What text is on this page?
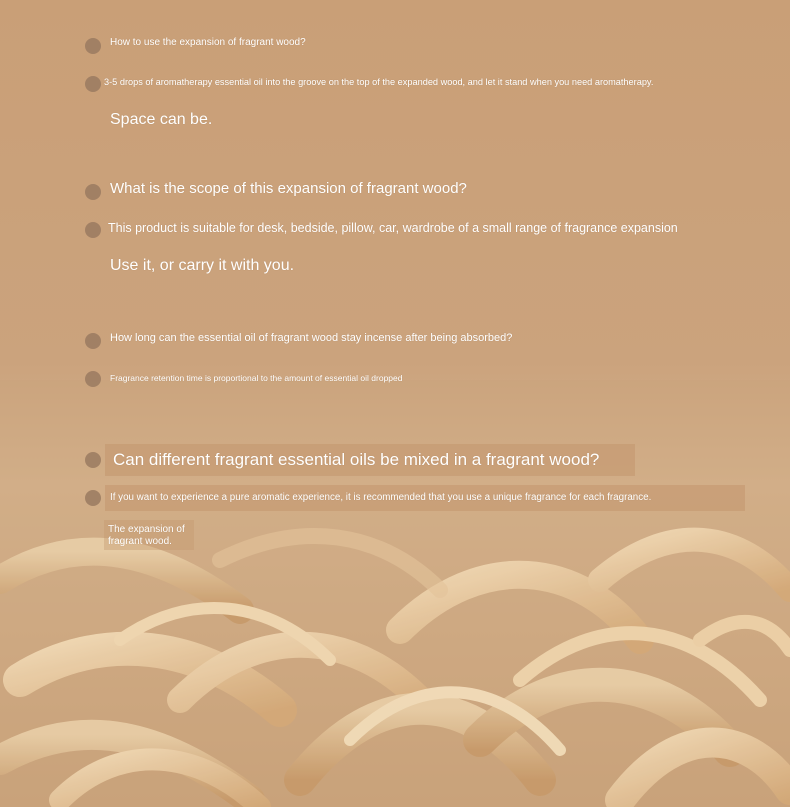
How to use the expansion of fragrant wood?
3-5 drops of aromatherapy essential oil into the groove on the top of the expanded wood, and let it stand when you need aromatherapy.
Space can be.
What is the scope of this expansion of fragrant wood?
This product is suitable for desk, bedside, pillow, car, wardrobe of a small range of fragrance expansion
Use it, or carry it with you.
How long can the essential oil of fragrant wood stay incense after being absorbed?
Fragrance retention time is proportional to the amount of essential oil dropped
Can different fragrant essential oils be mixed in a fragrant wood?
If you want to experience a pure aromatic experience, it is recommended that you use a unique fragrance for each fragrance.
The expansion of
fragrant wood.
